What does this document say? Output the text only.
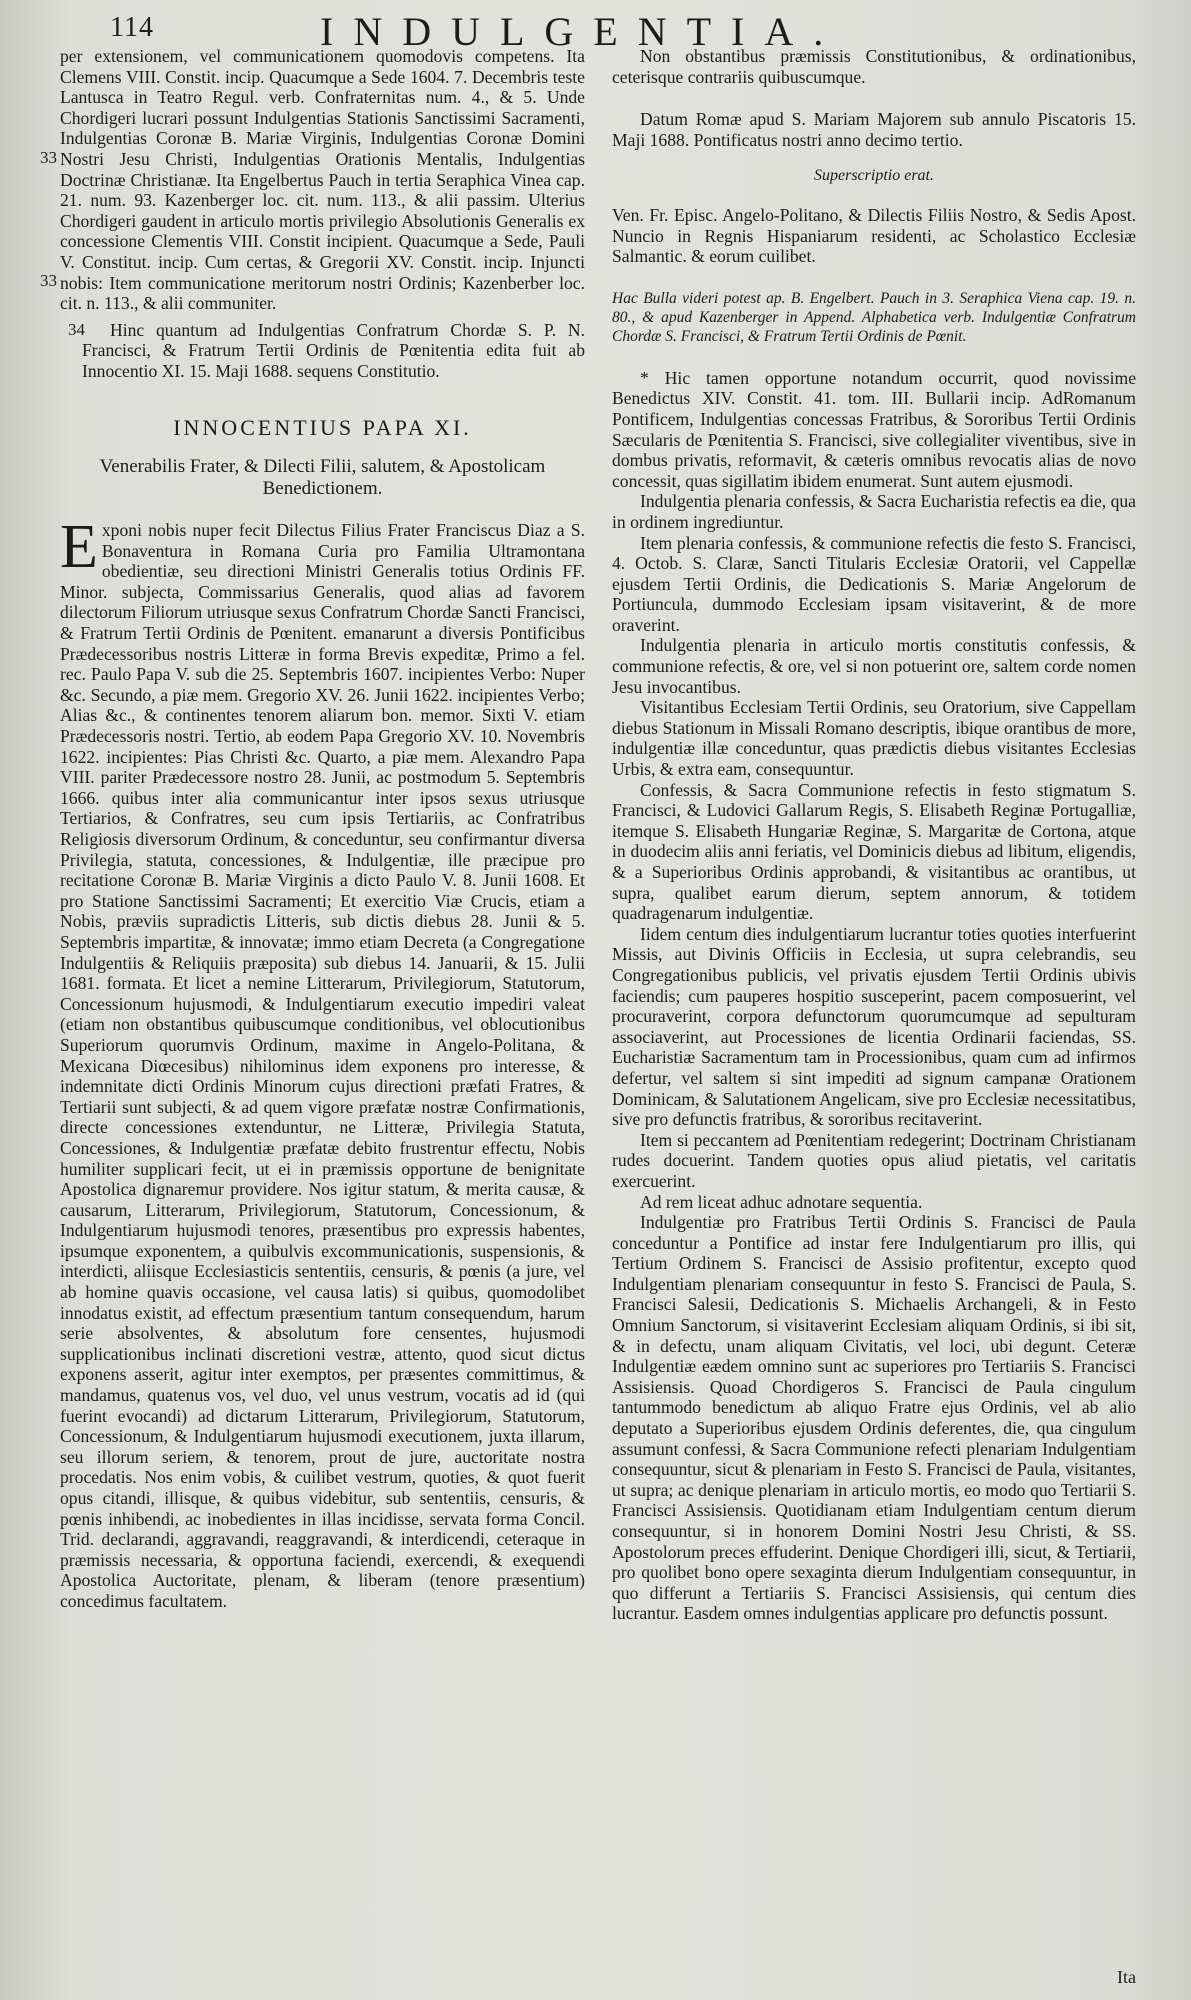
114	INDULGENTIA.

33
33
per extensionem, vel communicationem quomodovis competens. Ita Clemens VIII. Constit. incip. Quacumque a Sede 1604. 7. Decembris teste Lantusca in Teatro Regul. verb. Confraternitas num. 4., & 5. Unde Chordigeri lucrari possunt Indulgentias Stationis Sanctissimi Sacramenti, Indulgentias Coronæ B. Mariæ Virginis, Indulgentias Coronæ Domini Nostri Jesu Christi, Indulgentias Orationis Mentalis, Indulgentias Doctrinæ Christianæ. Ita Engelbertus Pauch in tertia Seraphica Vinea cap. 21. num. 93. Kazenberger loc. cit. num. 113., & alii passim. Ulterius Chordigeri gaudent in articulo mortis privilegio Absolutionis Generalis ex concessione Clementis VIII. Constit incipient. Quacumque a Sede, Pauli V. Constitut. incip. Cum certas, & Gregorii XV. Constit. incip. Injuncti nobis: Item communicatione meritorum nostri Ordinis; Kazenberber loc. cit. n. 113., & alii communiter.

34 Hinc quantum ad Indulgentias Confratrum Chordæ S. P. N. Francisci, & Fratrum Tertii Ordinis de Pœnitentia edita fuit ab Innocentio XI. 15. Maji 1688. sequens Constitutio.

INNOCENTIUS PAPA XI.
Venerabilis Frater, & Dilecti Filii, salutem, & Apostolicam Benedictionem.

Exponi nobis nuper fecit Dilectus Filius Frater Franciscus Diaz a S. Bonaventura in Romana Curia pro Familia Ultramontana obedientiæ, seu directioni Ministri Generalis totius Ordinis FF. Minor. subjecta, Commissarius Generalis, quod alias ad favorem dilectorum Filiorum utriusque sexus Confratrum Chordæ Sancti Francisci, & Fratrum Tertii Ordinis de Pœnitent. emanarunt a diversis Pontificibus Prædecessoribus nostris Litteræ in forma Brevis expeditæ, Primo a fel. rec. Paulo Papa V. sub die 25. Septembris 1607. incipientes Verbo: Nuper &c. Secundo, a piæ mem. Gregorio XV. 26. Junii 1622. incipientes Verbo; Alias &c., & continentes tenorem aliarum bon. memor. Sixti V. etiam Prædecessoris nostri. Tertio, ab eodem Papa Gregorio XV. 10. Novembris 1622. incipientes: Pias Christi &c. Quarto, a piæ mem. Alexandro Papa VIII. pariter Prædecessore nostro 28. Junii, ac postmodum 5. Septembris 1666. quibus inter alia communicantur inter ipsos sexus utriusque Tertiarios, & Confratres, seu cum ipsis Tertiariis, ac Confratribus Religiosis diversorum Ordinum, & conceduntur, seu confirmantur diversa Privilegia, statuta, concessiones, & Indulgentiæ, ille præcipue pro recitatione Coronæ B. Mariæ Virginis a dicto Paulo V. 8. Junii 1608. Et pro Statione Sanctissimi Sacramenti; Et exercitio Viæ Crucis, etiam a Nobis, præviis supradictis Litteris, sub dictis diebus 28. Junii & 5. Septembris impartitæ, & innovatæ; immo etiam Decreta (a Congregatione Indulgentiis & Reliquiis præposita) sub diebus 14. Januarii, & 15. Julii 1681. formata. Et licet a nemine Litterarum, Privilegiorum, Statutorum, Concessionum hujusmodi, & Indulgentiarum executio impediri valeat (etiam non obstantibus quibuscumque conditionibus, vel oblocutionibus Superiorum quorumvis Ordinum, maxime in Angelo-Politana, & Mexicana Diœcesibus) nihilominus idem exponens pro interesse, & indemnitate dicti Ordinis Minorum cujus directioni præfati Fratres, & Tertiarii sunt subjecti, & ad quem vigore præfatæ nostræ Confirmationis, directe concessiones extenduntur, ne Litteræ, Privilegia Statuta, Concessiones, & Indulgentiæ præfatæ debito frustrentur effectu, Nobis humiliter supplicari fecit, ut ei in præmissis opportune de benignitate Apostolica dignaremur providere. Nos igitur statum, & merita causæ, & causarum, Litterarum, Privilegiorum, Statutorum, Concessionum, & Indulgentiarum hujusmodi tenores, præsentibus pro expressis habentes, ipsumque exponentem, a quibulvis excommunicationis, suspensionis, & interdicti, aliisque Ecclesiasticis sententiis, censuris, & pœnis (a jure, vel ab homine quavis occasione, vel causa latis) si quibus, quomodolibet innodatus existit, ad effectum præsentium tantum consequendum, harum serie absolventes, & absolutum fore censentes, hujusmodi supplicationibus inclinati discretioni vestræ, attento, quod sicut dictus exponens asserit, agitur inter exemptos, per præsentes committimus, & mandamus, quatenus vos, vel duo, vel unus vestrum, vocatis ad id (qui fuerint evocandi) ad dictarum Litterarum, Privilegiorum, Statutorum, Concessionum, & Indulgentiarum hujusmodi executionem, juxta illarum, seu illorum seriem, & tenorem, prout de jure, auctoritate nostra procedatis. Nos enim vobis, & cuilibet vestrum, quoties, & quot fuerit opus citandi, illisque, & quibus videbitur, sub sententiis, censuris, & pœnis inhibendi, ac inobedientes in illas incidisse, servata forma Concil. Trid. declarandi, aggravandi, reaggravandi, & interdicendi, ceteraque in præmissis necessaria, & opportuna faciendi, exercendi, & exequendi Apostolica Auctoritate, plenam, & liberam (tenore præsentium) concedimus facultatem.

Non obstantibus præmissis Constitutionibus, & ordinationibus, ceterisque contrariis quibuscumque.

Datum Romæ apud S. Mariam Majorem sub annulo Piscatoris 15. Maji 1688. Pontificatus nostri anno decimo tertio.

Superscriptio erat.

Ven. Fr. Episc. Angelo-Politano, & Dilectis Filiis Nostro, & Sedis Apost. Nuncio in Regnis Hispaniarum residenti, ac Scholastico Ecclesiæ Salmantic. & eorum cuilibet.

Hac Bulla videri potest ap. B. Engelbert. Pauch in 3. Seraphica Viena cap. 19. n. 80., & apud Kazenberger in Append. Alphabetica verb. Indulgentiæ Confratrum Chordæ S. Francisci, & Fratrum Tertii Ordinis de Pœnit.

* Hic tamen opportune notandum occurrit, quod novissime Benedictus XIV. Constit. 41. tom. III. Bullarii incip. AdRomanum Pontificem, Indulgentias concessas Fratribus, & Sororibus Tertii Ordinis Sæcularis de Pœnitentia S. Francisci, sive collegialiter viventibus, sive in dombus privatis, reformavit, & cæteris omnibus revocatis alias de novo concessit, quas sigillatim ibidem enumerat. Sunt autem ejusmodi.

Indulgentia plenaria confessis, & Sacra Eucharistia refectis ea die, qua in ordinem ingrediuntur.

Item plenaria confessis, & communione refectis die festo S. Francisci, 4. Octob. S. Claræ, Sancti Titularis Ecclesiæ Oratorii, vel Cappellæ ejusdem Tertii Ordinis, die Dedicationis S. Mariæ Angelorum de Portiuncula, dummodo Ecclesiam ipsam visitaverint, & de more oraverint.

Indulgentia plenaria in articulo mortis constitutis confessis, & communione refectis, & ore, vel si non potuerint ore, saltem corde nomen Jesu invocantibus.

Visitantibus Ecclesiam Tertii Ordinis, seu Oratorium, sive Cappellam diebus Stationum in Missali Romano descriptis, ibique orantibus de more, indulgentiæ illæ conceduntur, quas prædictis diebus visitantes Ecclesias Urbis, & extra eam, consequuntur.

Confessis, & Sacra Communione refectis in festo stigmatum S. Francisci, & Ludovici Gallarum Regis, S. Elisabeth Reginæ Portugalliæ, itemque S. Elisabeth Hungariæ Reginæ, S. Margaritæ de Cortona, atque in duodecim aliis anni feriatis, vel Dominicis diebus ad libitum, eligendis, & a Superioribus Ordinis approbandi, & visitantibus ac orantibus, ut supra, qualibet earum dierum, septem annorum, & totidem quadragenarum indulgentiæ.

Iidem centum dies indulgentiarum lucrantur toties quoties interfuerint Missis, aut Divinis Officiis in Ecclesia, ut supra celebrandis, seu Congregationibus publicis, vel privatis ejusdem Tertii Ordinis ubivis faciendis; cum pauperes hospitio susceperint, pacem composuerint, vel procuraverint, corpora defunctorum quorumcumque ad sepulturam associaverint, aut Processiones de licentia Ordinarii faciendas, SS. Eucharistiæ Sacramentum tam in Processionibus, quam cum ad infirmos defertur, vel saltem si sint impediti ad signum campanæ Orationem Dominicam, & Salutationem Angelicam, sive pro Ecclesiæ necessitatibus, sive pro defunctis fratribus, & sororibus recitaverint.

Item si peccantem ad Pœnitentiam redegerint; Doctrinam Christianam rudes docuerint. Tandem quoties opus aliud pietatis, vel caritatis exercuerint.

Ad rem liceat adhuc adnotare sequentia.

Indulgentiæ pro Fratribus Tertii Ordinis S. Francisci de Paula conceduntur a Pontifice ad instar fere Indulgentiarum pro illis, qui Tertium Ordinem S. Francisci de Assisio profitentur, excepto quod Indulgentiam plenariam consequuntur in festo S. Francisci de Paula, S. Francisci Salesii, Dedicationis S. Michaelis Archangeli, & in Festo Omnium Sanctorum, si visitaverint Ecclesiam aliquam Ordinis, si ibi sit, & in defectu, unam aliquam Civitatis, vel loci, ubi degunt. Ceteræ Indulgentiæ eædem omnino sunt ac superiores pro Tertiariis S. Francisci Assisiensis. Quoad Chordigeros S. Francisci de Paula cingulum tantummodo benedictum ab aliquo Fratre ejus Ordinis, vel ab alio deputato a Superioribus ejusdem Ordinis deferentes, die, qua cingulum assumunt confessi, & Sacra Communione refecti plenariam Indulgentiam consequuntur, sicut & plenariam in Festo S. Francisci de Paula, visitantes, ut supra; ac denique plenariam in articulo mortis, eo modo quo Tertiarii S. Francisci Assisiensis. Quotidianam etiam Indulgentiam centum dierum consequuntur, si in honorem Domini Nostri Jesu Christi, & SS. Apostolorum preces effuderint. Denique Chordigeri illi, sicut, & Tertiarii, pro quolibet bono opere sexaginta dierum Indulgentiam consequuntur, in quo differunt a Tertiariis S. Francisci Assisiensis, qui centum dies lucrantur. Easdem omnes indulgentias applicare pro defunctis possunt.

Ita
